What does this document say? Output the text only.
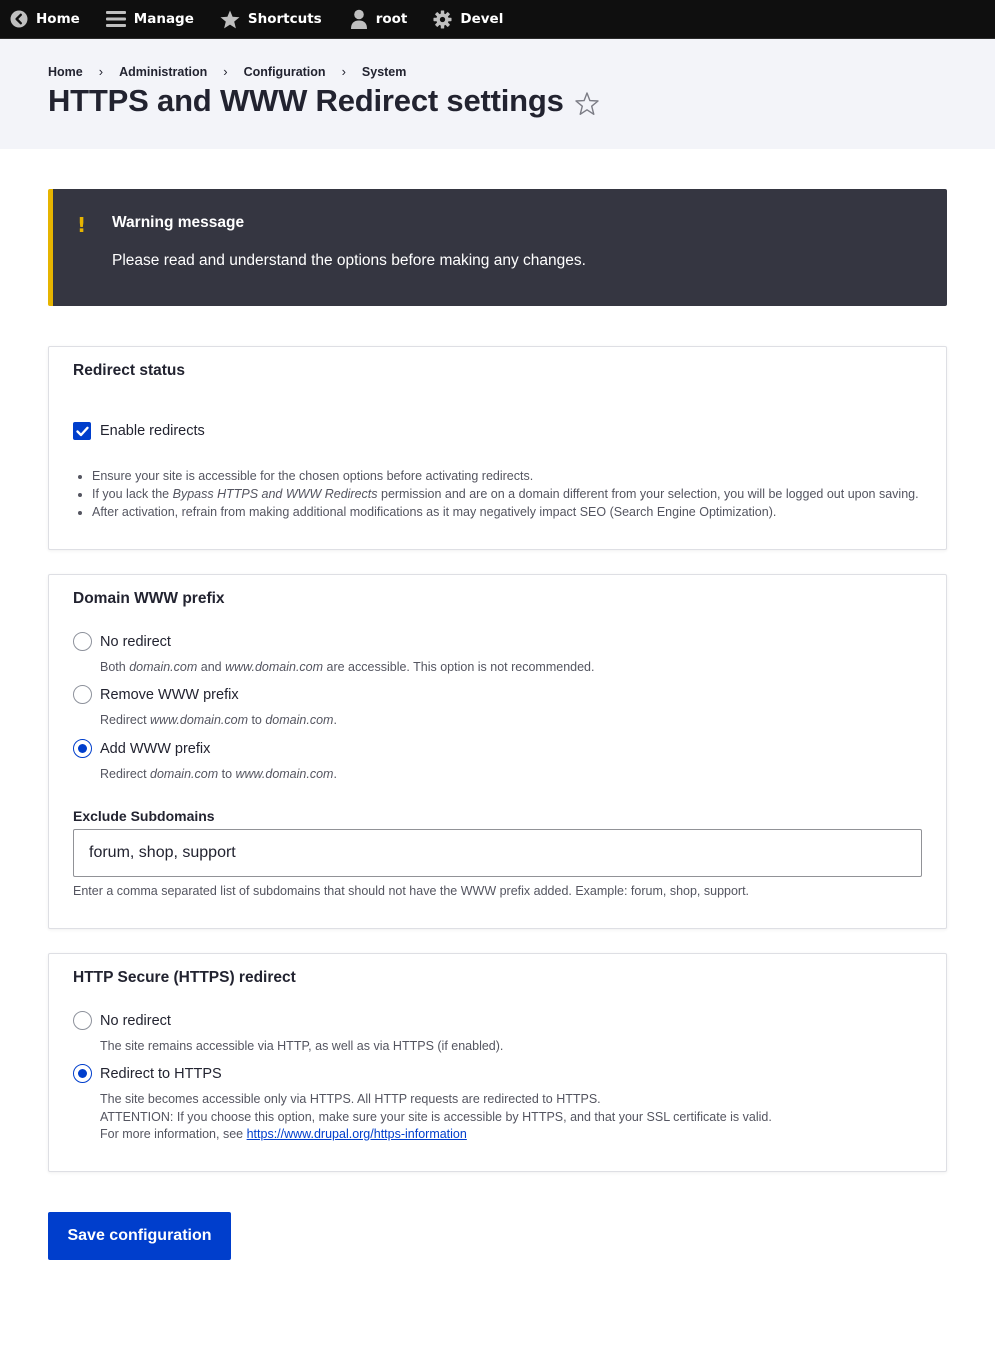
Home	Manage	Shortcuts	root	Devel
Home › Administration › Configuration › System
HTTPS and WWW Redirect settings
! Warning message
Please read and understand the options before making any changes.
Redirect status
Enable redirects
• Ensure your site is accessible for the chosen options before activating redirects.
• If you lack the Bypass HTTPS and WWW Redirects permission and are on a domain different from your selection, you will be logged out upon saving.
• After activation, refrain from making additional modifications as it may negatively impact SEO (Search Engine Optimization).
Domain WWW prefix
No redirect
Both domain.com and www.domain.com are accessible. This option is not recommended.
Remove WWW prefix
Redirect www.domain.com to domain.com.
Add WWW prefix
Redirect domain.com to www.domain.com.
Exclude Subdomains
forum, shop, support
Enter a comma separated list of subdomains that should not have the WWW prefix added. Example: forum, shop, support.
HTTP Secure (HTTPS) redirect
No redirect
The site remains accessible via HTTP, as well as via HTTPS (if enabled).
Redirect to HTTPS
The site becomes accessible only via HTTPS. All HTTP requests are redirected to HTTPS.
ATTENTION: If you choose this option, make sure your site is accessible by HTTPS, and that your SSL certificate is valid.
For more information, see https://www.drupal.org/https-information
Save configuration
